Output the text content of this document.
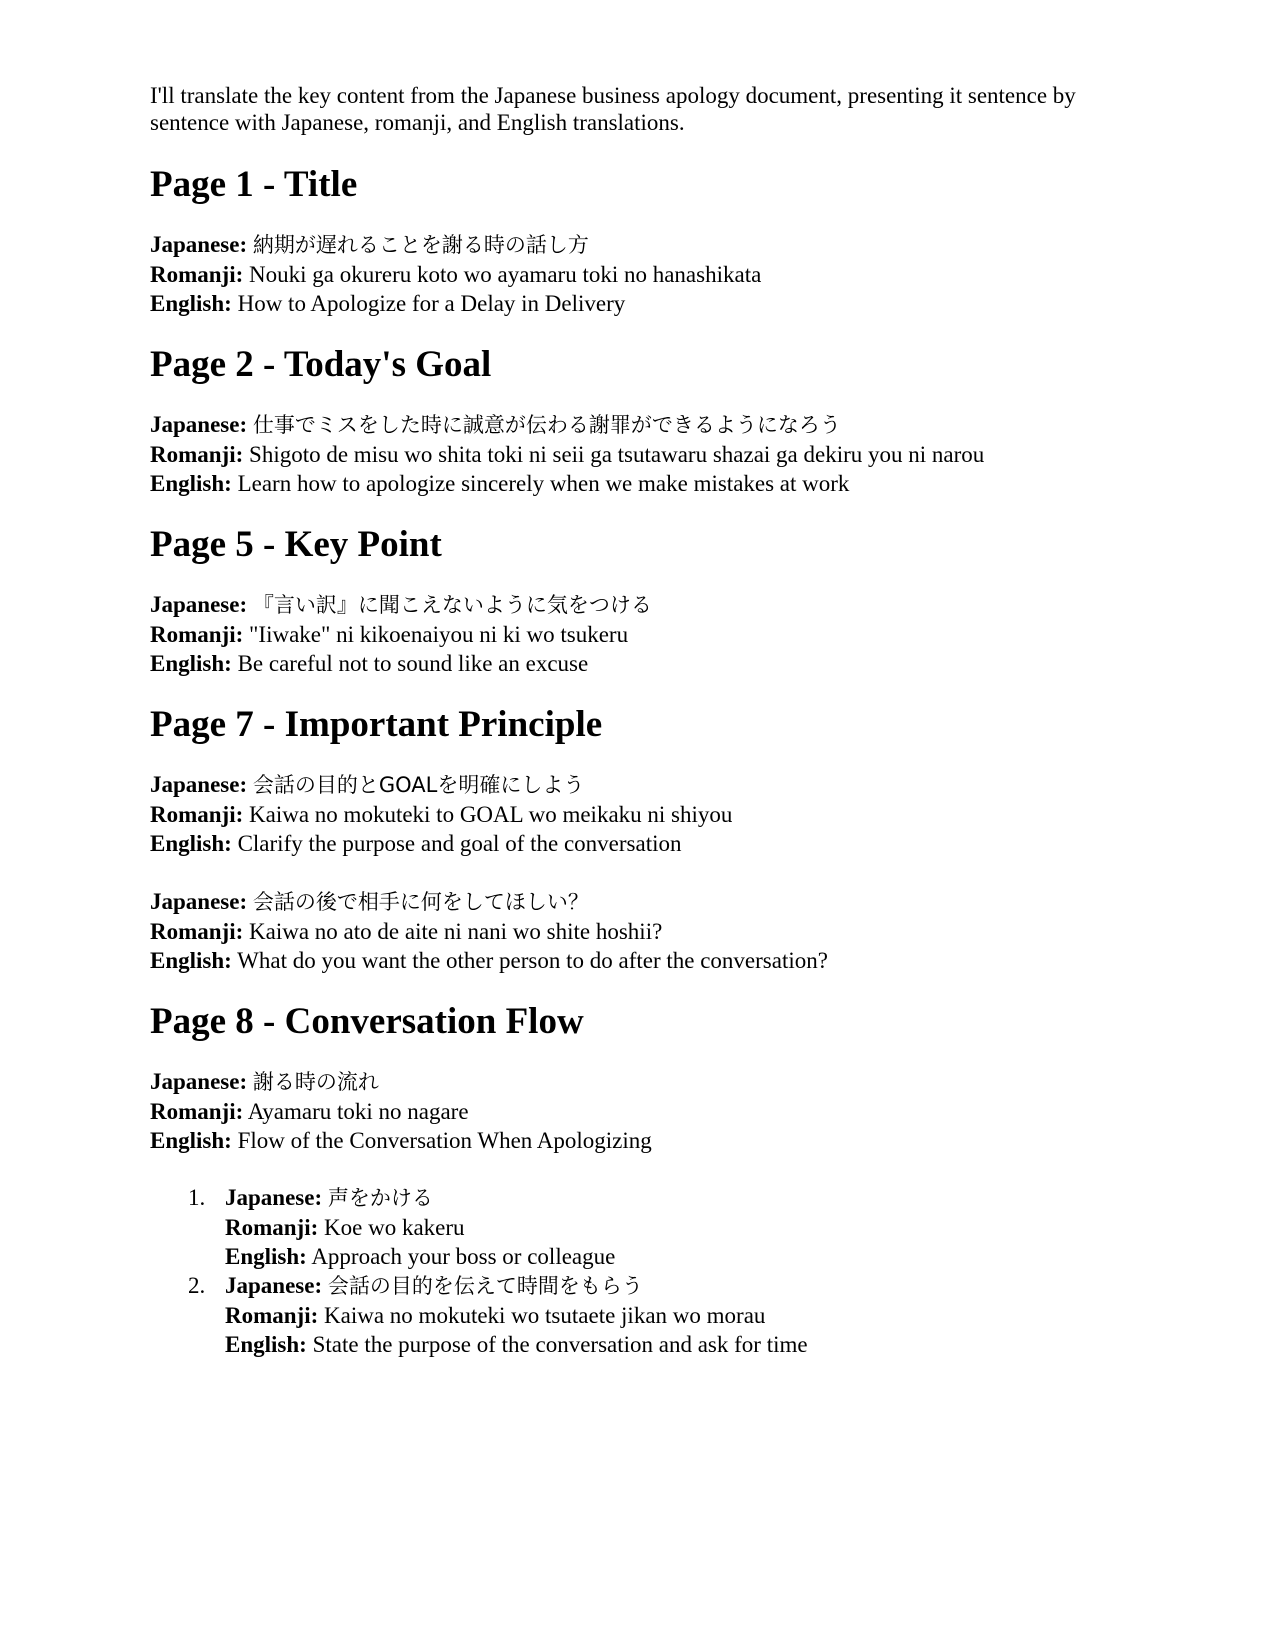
I'll translate the key content from the Japanese business apology document, presenting it sentence by sentence with Japanese, romanji, and English translations.

Page 1 - Title
Japanese: 納期が遅れることを謝る時の話し方
Romanji: Nouki ga okureru koto wo ayamaru toki no hanashikata
English: How to Apologize for a Delay in Delivery
Page 2 - Today's Goal
Japanese: 仕事でミスをした時に誠意が伝わる謝罪ができるようになろう
Romanji: Shigoto de misu wo shita toki ni seii ga tsutawaru shazai ga dekiru you ni narou
English: Learn how to apologize sincerely when we make mistakes at work
Page 5 - Key Point
Japanese: 『言い訳』に聞こえないように気をつける
Romanji: "Iiwake" ni kikoenaiyou ni ki wo tsukeru
English: Be careful not to sound like an excuse
Page 7 - Important Principle
Japanese: 会話の目的とGOALを明確にしよう
Romanji: Kaiwa no mokuteki to GOAL wo meikaku ni shiyou
English: Clarify the purpose and goal of the conversation
Japanese: 会話の後で相手に何をしてほしい？
Romanji: Kaiwa no ato de aite ni nani wo shite hoshii?
English: What do you want the other person to do after the conversation?
Page 8 - Conversation Flow
Japanese: 謝る時の流れ
Romanji: Ayamaru toki no nagare
English: Flow of the Conversation When Apologizing
1. Japanese: 声をかける
Romanji: Koe wo kakeru
English: Approach your boss or colleague
2. Japanese: 会話の目的を伝えて時間をもらう
Romanji: Kaiwa no mokuteki wo tsutaete jikan wo morau
English: State the purpose of the conversation and ask for time
